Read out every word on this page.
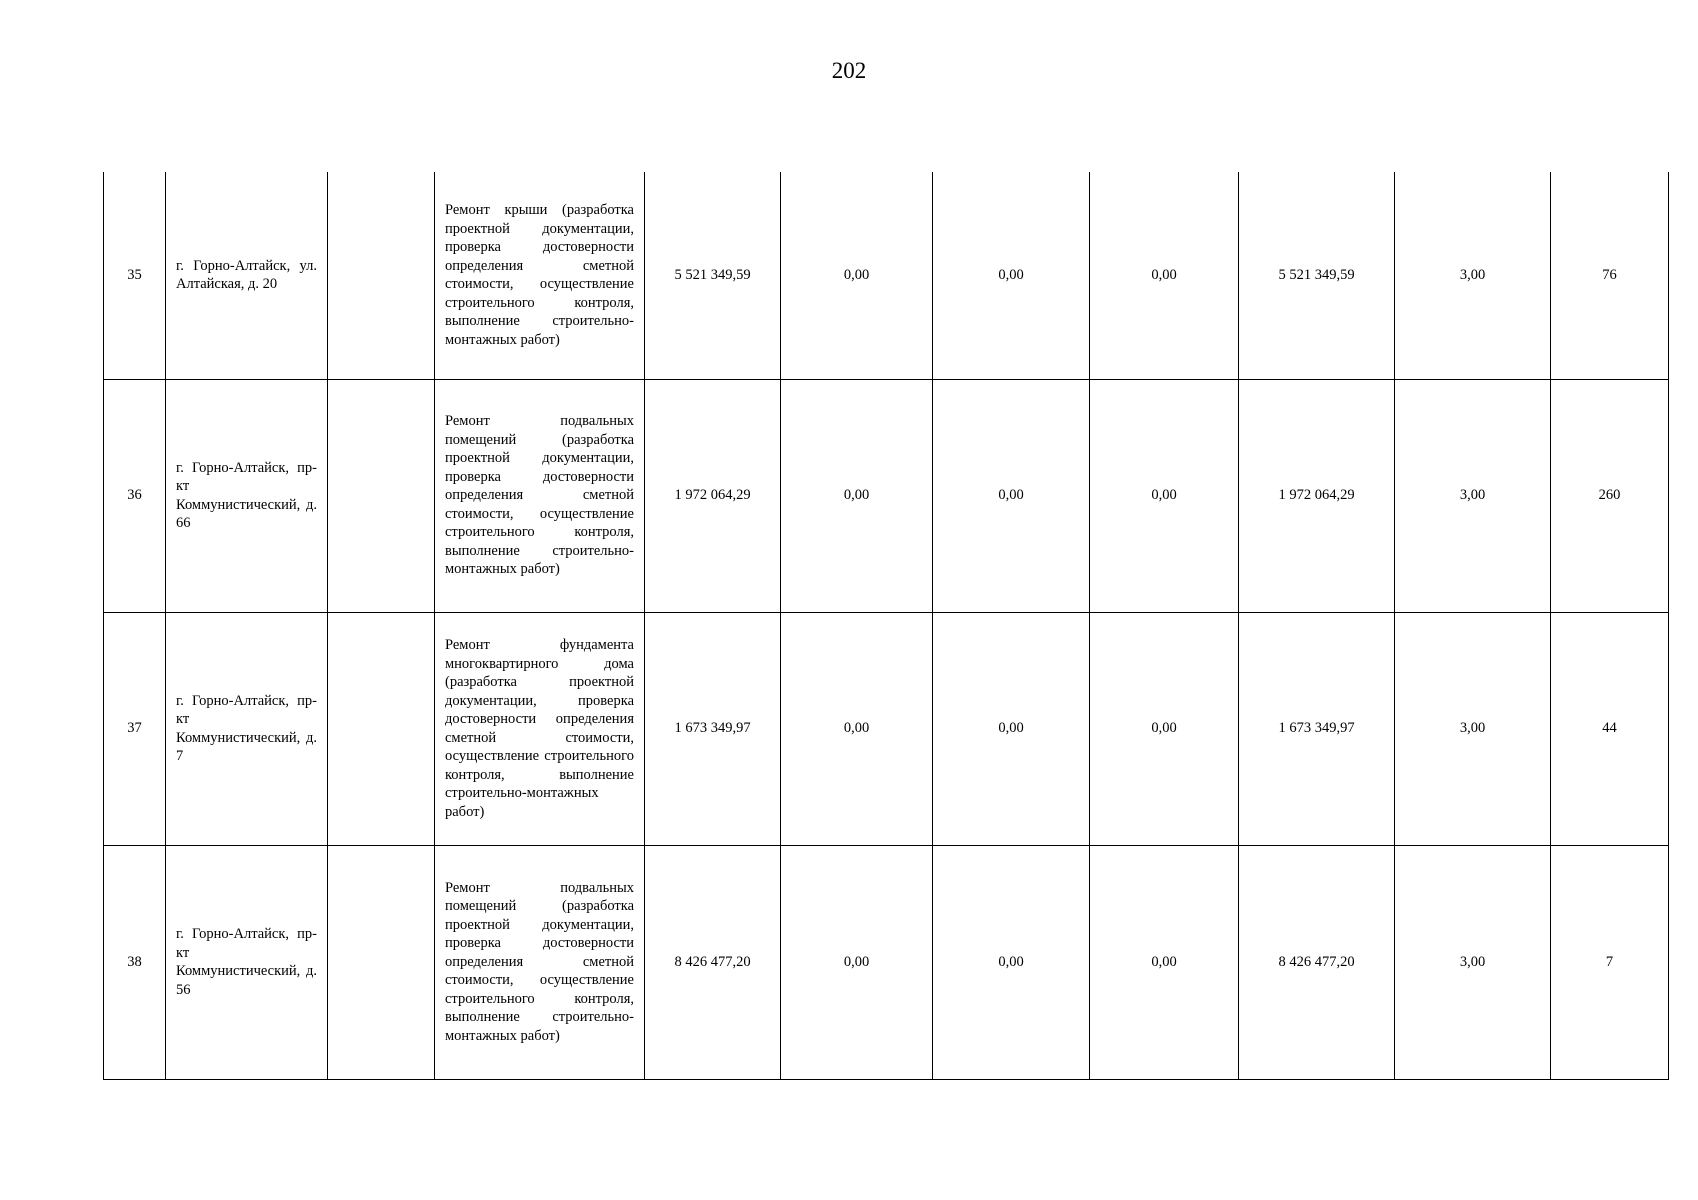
202
35	г. Горно-Алтайск, ул. Алтайская, д. 20		Ремонт крыши (разработка проектной документации, проверка достоверности определения сметной стоимости, осуществление строительного контроля, выполнение строительно-монтажных работ)	5 521 349,59	0,00	0,00	0,00	5 521 349,59	3,00	76
36	г. Горно-Алтайск, пр-кт Коммунистический, д. 66		Ремонт подвальных помещений (разработка проектной документации, проверка достоверности определения сметной стоимости, осуществление строительного контроля, выполнение строительно-монтажных работ)	1 972 064,29	0,00	0,00	0,00	1 972 064,29	3,00	260
37	г. Горно-Алтайск, пр-кт Коммунистический, д. 7		Ремонт фундамента многоквартирного дома (разработка проектной документации, проверка достоверности определения сметной стоимости, осуществление строительного контроля, выполнение строительно-монтажных работ)	1 673 349,97	0,00	0,00	0,00	1 673 349,97	3,00	44
38	г. Горно-Алтайск, пр-кт Коммунистический, д. 56		Ремонт подвальных помещений (разработка проектной документации, проверка достоверности определения сметной стоимости, осуществление строительного контроля, выполнение строительно-монтажных работ)	8 426 477,20	0,00	0,00	0,00	8 426 477,20	3,00	7
